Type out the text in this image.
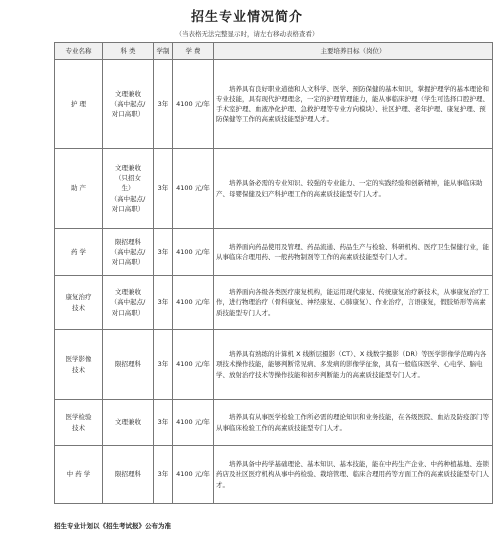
招生专业情况简介
（当表格无法完整显示时，请左右移动表格查看）
专业名称	科 类	学制	学 费	主要培养目标（岗位）
护 理	文理兼收
（高中起点/
对口高职）	3年	4100 元/年	培养具有良好职业道德和人文科学、医学、预防保健的基本知识，掌握护理学的基本理论和专业技能，具有现代护理理念，一定的护理管理能力，能从事临床护理（学生可选择口腔护理、手术室护理、血液净化护理、急救护理等专业方向模块）、社区护理、老年护理、康复护理、预防保健等工作的高素质技能型护理人才。

助 产	文理兼收
（只招女
生）
（高中起点/
对口高职）	3年	4100 元/年	培养具备必需的专业知识、较强的专业能力、一定的实践经验和创新精神，能从事临床助产、母婴保健及妇产科护理工作的高素质技能型专门人才。

药 学	限招理科
（高中起点/
对口高职）	3年	4100 元/年	培养面向药品使用及管理、药品流通、药品生产与检验、科研机构、医疗卫生保健行业，能从事临床合理用药、一般药物制剂等工作的高素质技能型专门人才。

康复治疗
技术	文理兼收
（高中起点/
对口高职）	3年	4100 元/年	培养面向各级各类医疗康复机构，能运用现代康复、传统康复治疗新技术，从事康复治疗工作，进行物理治疗（骨科康复、神经康复、心肺康复）、作业治疗，言语康复，假肢矫形等高素质技能型专门人才。

医学影像
技术	限招理科	3年	4100 元/年	培养具有熟练的计算机 X 线断层摄影（CT）、X 线数字摄影（DR）等医学影像学范畴内各项技术操作技能，能够判断常见病、多发病的影像学征象，具有一般临床医学、心电学、脑电学、放射治疗技术等操作技能和初步判断能力的高素质技能型专门人才。

医学检验
技术	文理兼收	3年	4100 元/年	培养具有从事医学检验工作所必需的理论知识和业务技能，在各级医院、血站及防疫部门等从事临床检验工作的高素质技能型专门人才。

中 药 学	限招理科	3年	4100 元/年	培养具备中药学基础理论、基本知识、基本技能，能在中药生产企业、中药种植基地、连锁药店及社区医疗机构从事中药检验、栽培管理、临床合理用药等方面工作的高素质技能型专门人才。
招生专业计划以《招生考试报》公布为准
